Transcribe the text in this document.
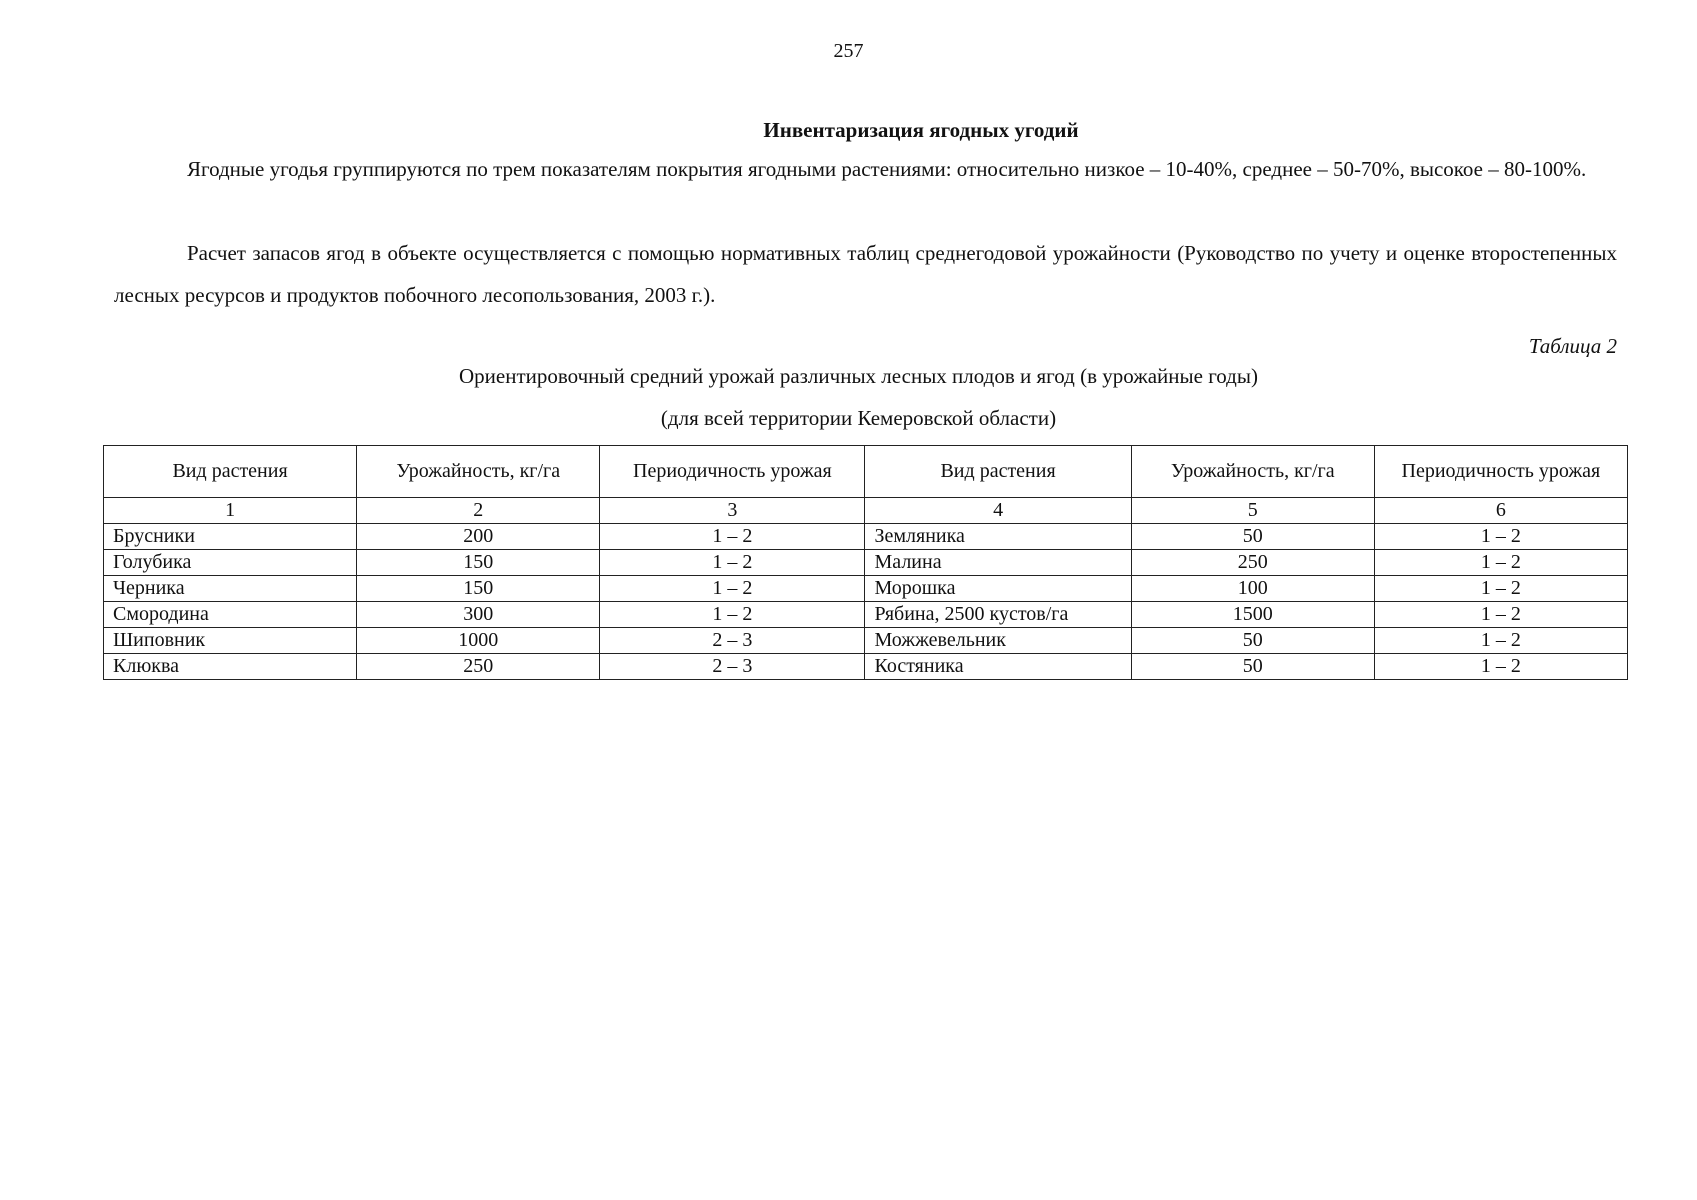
257
Инвентаризация ягодных угодий

Ягодные угодья группируются по трем показателям покрытия ягодными растениями: относительно низкое – 10-40%, среднее – 50-70%, высокое – 80-100%.

Расчет запасов ягод в объекте осуществляется с помощью нормативных таблиц среднегодовой урожайности (Руководство по учету и оценке второстепенных лесных ресурсов и продуктов побочного лесопользования, 2003 г.).

Таблица 2
Ориентировочный средний урожай различных лесных плодов и ягод (в урожайные годы)
(для всей территории Кемеровской области)
Вид растения	Урожайность, кг/га	Периодичность урожая	Вид растения	Урожайность, кг/га	Периодичность урожая
1	2	3	4	5	6
Брусники	200	1 – 2	Земляника	50	1 – 2
Голубика	150	1 – 2	Малина	250	1 – 2
Черника	150	1 – 2	Морошка	100	1 – 2
Смородина	300	1 – 2	Рябина, 2500 кустов/га	1500	1 – 2
Шиповник	1000	2 – 3	Можжевельник	50	1 – 2
Клюква	250	2 – 3	Костяника	50	1 – 2
